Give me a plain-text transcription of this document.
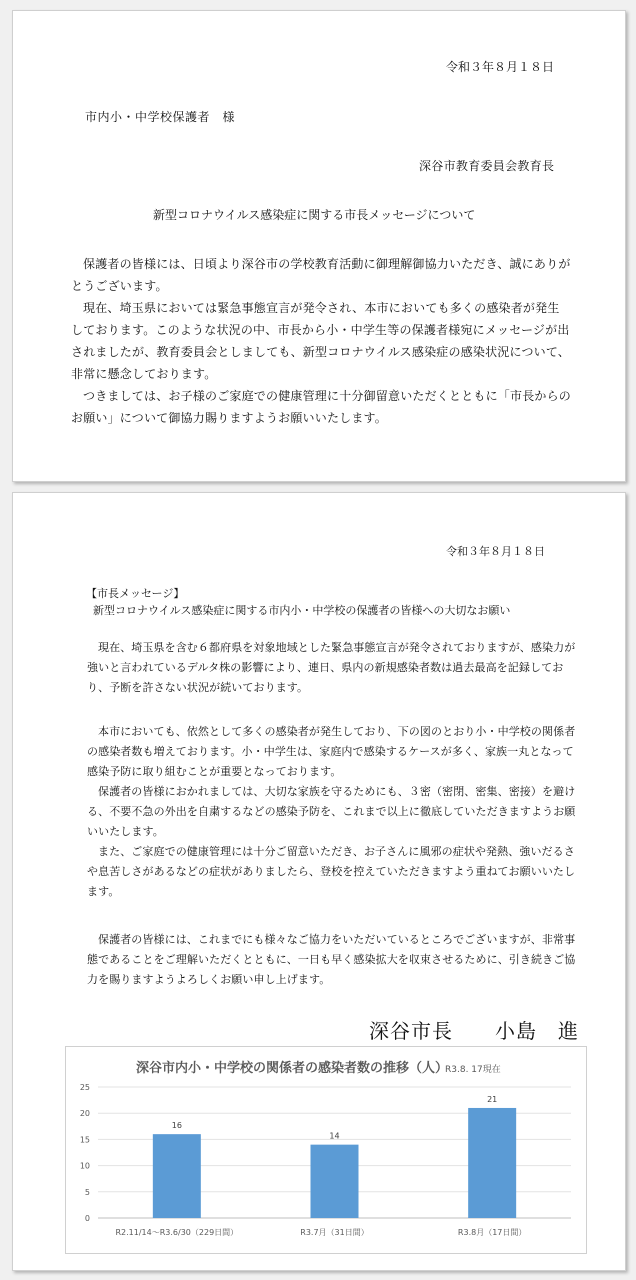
令和３年８月１８日
市内小・中学校保護者　様
深谷市教育委員会教育長
新型コロナウイルス感染症に関する市長メッセージについて

保護者の皆様には、日頃より深谷市の学校教育活動に御理解御協力いただき、誠にありがとうございます。

現在、埼玉県においては緊急事態宣言が発令され、本市においても多くの感染者が発生しております。このような状況の中、市長から小・中学生等の保護者様宛にメッセージが出されましたが、教育委員会としましても、新型コロナウイルス感染症の感染状況について、非常に懸念しております。

つきましては、お子様のご家庭での健康管理に十分御留意いただくとともに「市長からのお願い」について御協力賜りますようお願いいたします。

令和３年８月１８日
【市長メッセージ】
新型コロナウイルス感染症に関する市内小・中学校の保護者の皆様への大切なお願い

現在、埼玉県を含む６都府県を対象地域とした緊急事態宣言が発令されておりますが、感染力が強いと言われているデルタ株の影響により、連日、県内の新規感染者数は過去最高を記録しており、予断を許さない状況が続いております。

本市においても、依然として多くの感染者が発生しており、下の図のとおり小・中学校の関係者の感染者数も増えております。小・中学生は、家庭内で感染するケースが多く、家族一丸となって感染予防に取り組むことが重要となっております。

保護者の皆様におかれましては、大切な家族を守るためにも、３密（密閉、密集、密接）を避ける、不要不急の外出を自粛するなどの感染予防を、これまで以上に徹底していただきますようお願いいたします。

また、ご家庭での健康管理には十分ご留意いただき、お子さんに風邪の症状や発熱、強いだるさや息苦しさがあるなどの症状がありましたら、登校を控えていただきますよう重ねてお願いいたします。

保護者の皆様には、これまでにも様々なご協力をいただいているところでございますが、非常事態であることをご理解いただくとともに、一日も早く感染拡大を収束させるために、引き続きご協力を賜りますようよろしくお願い申し上げます。

深谷市長　　小島　進
深谷市内小・中学校の関係者の感染者数の推移（人）
R3.8. 17現在
0
5
10
15
20
25
16
R2.11/14～R3.6/30（229日間）
14
R3.7月（31日間）
21
R3.8月（17日間）
